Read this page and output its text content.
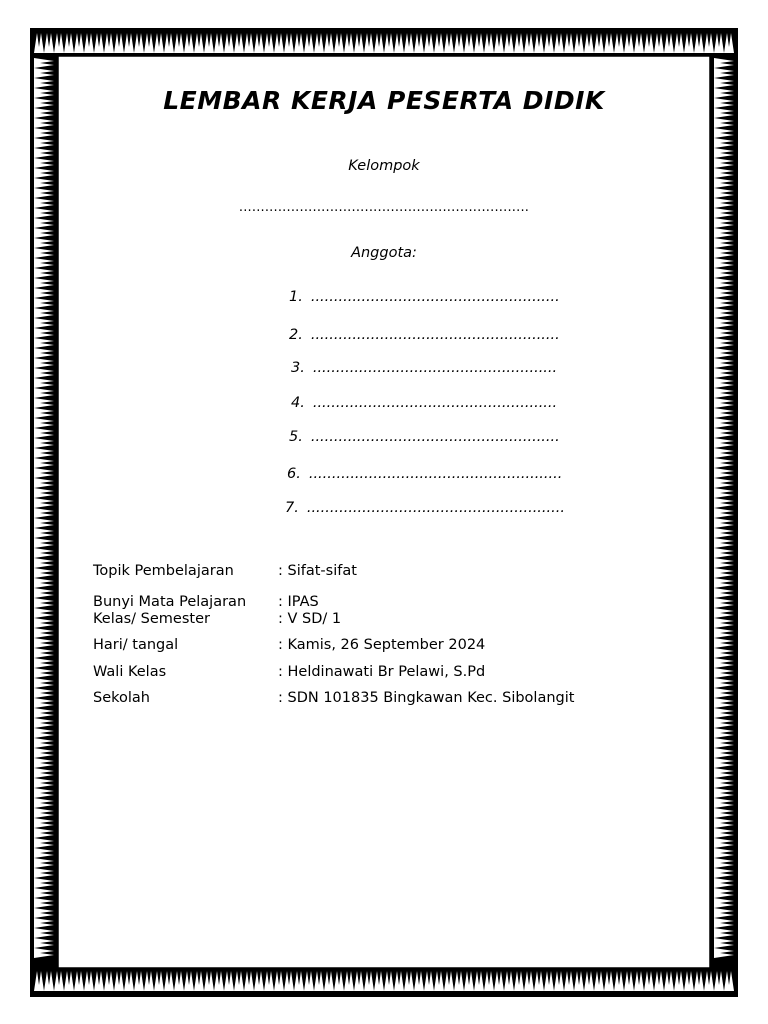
LEMBAR KERJA PESERTA DIDIK
Kelompok
...................................................................
Anggota:
1. ......................................................
2. ......................................................
3. .....................................................
4. .....................................................
5. ......................................................
6. .......................................................
7. ........................................................
Topik Pembelajaran	: Sifat-sifat
Bunyi Mata Pelajaran : IPAS
Kelas/ Semester	: V SD/ 1
Hari/ tangal	: Kamis, 26 September 2024
Wali Kelas	: Heldinawati Br Pelawi, S.Pd
Sekolah	: SDN 101835 Bingkawan Kec. Sibolangit
